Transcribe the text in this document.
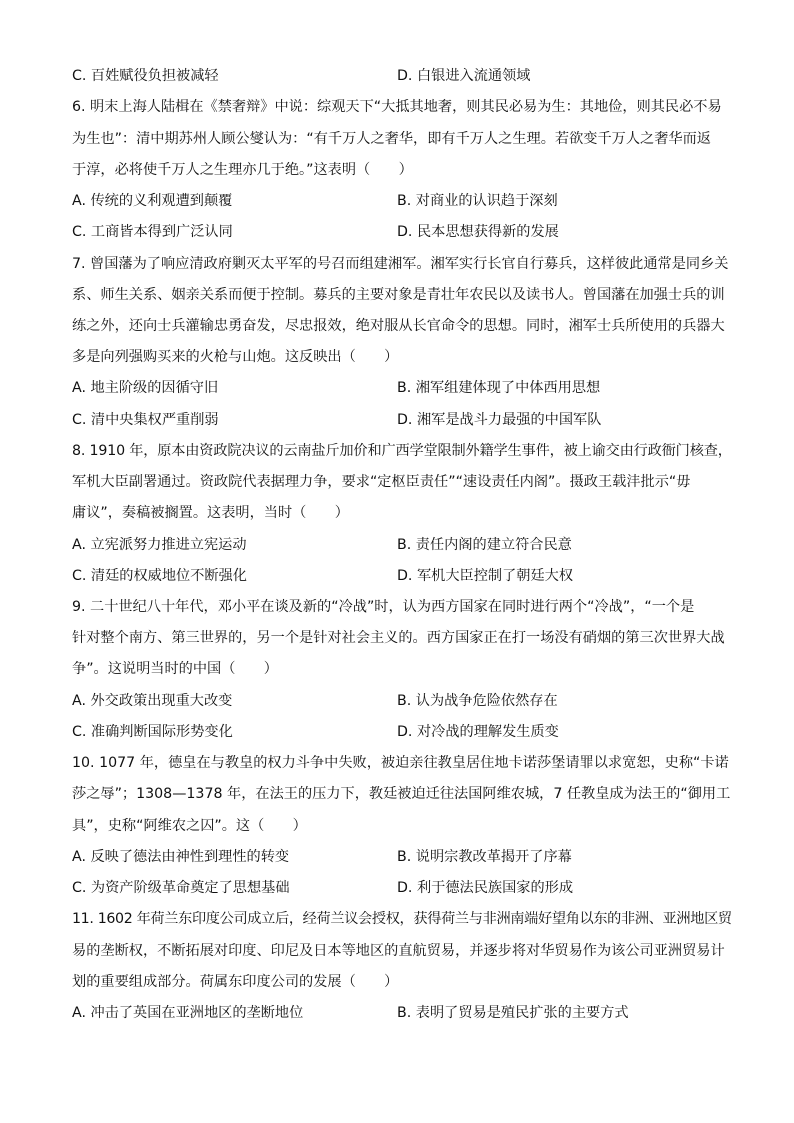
C. 百姓赋役负担被减轻	D. 白银进入流通领域
6. 明末上海人陆楫在《禁奢辩》中说：综观天下“大抵其地奢，则其民必易为生：其地俭，则其民必不易
为生也”：清中期苏州人顾公燮认为：“有千万人之奢华，即有千万人之生理。若欲变千万人之奢华而返
于淳，必将使千万人之生理亦几于绝。”这表明（　　）
A. 传统的义利观遭到颠覆	B. 对商业的认识趋于深刻
C. 工商皆本得到广泛认同	D. 民本思想获得新的发展
7. 曾国藩为了响应清政府剿灭太平军的号召而组建湘军。湘军实行长官自行募兵，这样彼此通常是同乡关
系、师生关系、姻亲关系而便于控制。募兵的主要对象是青壮年农民以及读书人。曾国藩在加强士兵的训
练之外，还向士兵灌输忠勇奋发，尽忠报效，绝对服从长官命令的思想。同时，湘军士兵所使用的兵器大
多是向列强购买来的火枪与山炮。这反映出（　　）
A. 地主阶级的因循守旧	B. 湘军组建体现了中体西用思想
C. 清中央集权严重削弱	D. 湘军是战斗力最强的中国军队
8. 1910 年，原本由资政院决议的云南盐斤加价和广西学堂限制外籍学生事件，被上谕交由行政衙门核查，
军机大臣副署通过。资政院代表据理力争，要求“定枢臣责任”“速设责任内阁”。摄政王载沣批示“毋
庸议”，奏稿被搁置。这表明，当时（　　）
A. 立宪派努力推进立宪运动	B. 责任内阁的建立符合民意
C. 清廷的权威地位不断强化	D. 军机大臣控制了朝廷大权
9. 二十世纪八十年代，邓小平在谈及新的“冷战”时，认为西方国家在同时进行两个“冷战”，“一个是
针对整个南方、第三世界的，另一个是针对社会主义的。西方国家正在打一场没有硝烟的第三次世界大战
争”。这说明当时的中国（　　）
A. 外交政策出现重大改变	B. 认为战争危险依然存在
C. 准确判断国际形势变化	D. 对冷战的理解发生质变
10. 1077 年，德皇在与教皇的权力斗争中失败，被迫亲往教皇居住地卡诺莎堡请罪以求宽恕，史称“卡诺
莎之辱”；1308—1378 年，在法王的压力下，教廷被迫迁往法国阿维农城，7 任教皇成为法王的“御用工
具”，史称“阿维农之囚”。这（　　）
A. 反映了德法由神性到理性的转变	B. 说明宗教改革揭开了序幕
C. 为资产阶级革命奠定了思想基础	D. 利于德法民族国家的形成
11. 1602 年荷兰东印度公司成立后，经荷兰议会授权，获得荷兰与非洲南端好望角以东的非洲、亚洲地区贸
易的垄断权，不断拓展对印度、印尼及日本等地区的直航贸易，并逐步将对华贸易作为该公司亚洲贸易计
划的重要组成部分。荷属东印度公司的发展（　　）
A. 冲击了英国在亚洲地区的垄断地位	B. 表明了贸易是殖民扩张的主要方式
